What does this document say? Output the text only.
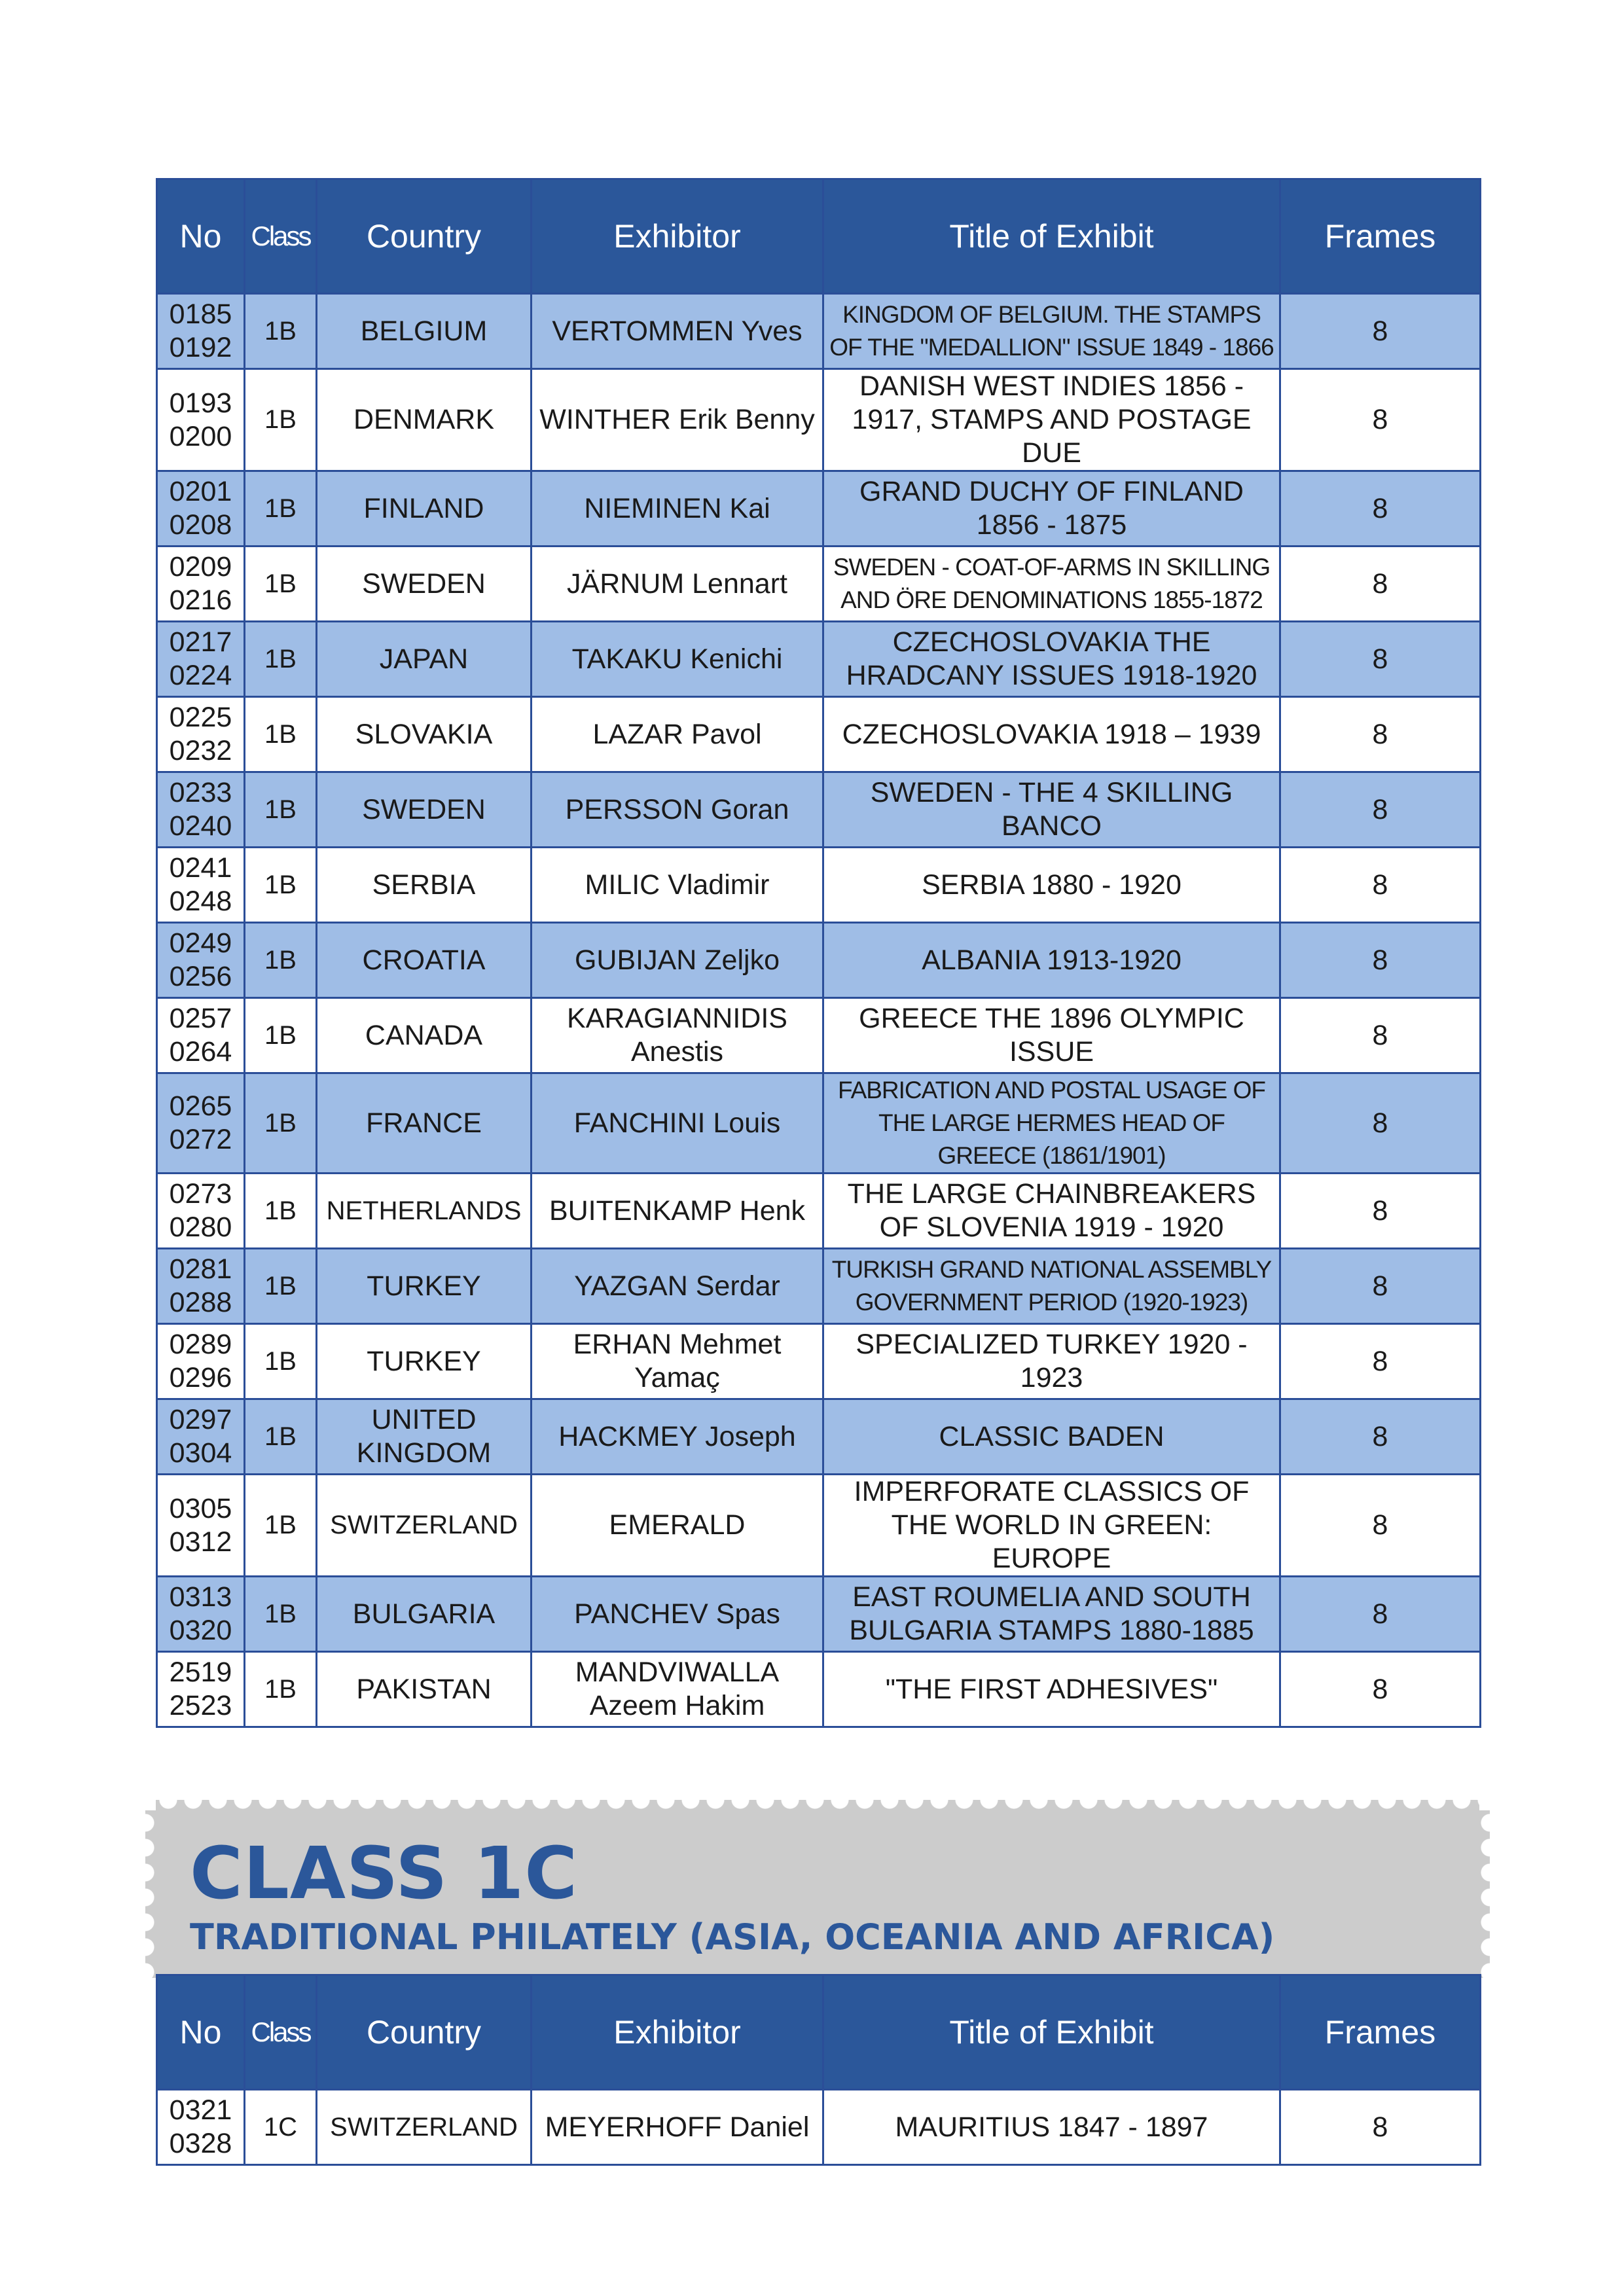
No	Class	Country	Exhibitor	Title of Exhibit	Frames

0185
0192	1B	BELGIUM	VERTOMMEN Yves	KINGDOM OF BELGIUM. THE STAMPS OF THE "MEDALLION" ISSUE 1849 - 1866	8

0193
0200	1B	DENMARK	WINTHER Erik Benny	DANISH WEST INDIES 1856 - 1917, STAMPS AND POSTAGE DUE	8

0201
0208	1B	FINLAND	NIEMINEN Kai	GRAND DUCHY OF FINLAND 1856 - 1875	8

0209
0216	1B	SWEDEN	JÄRNUM Lennart	SWEDEN - COAT-OF-ARMS IN SKILLING AND ÖRE DENOMINATIONS 1855-1872	8

0217
0224	1B	JAPAN	TAKAKU Kenichi	CZECHOSLOVAKIA THE HRADCANY ISSUES 1918-1920	8

0225
0232	1B	SLOVAKIA	LAZAR Pavol	CZECHOSLOVAKIA 1918 – 1939	8

0233
0240	1B	SWEDEN	PERSSON Goran	SWEDEN - THE 4 SKILLING BANCO	8

0241
0248	1B	SERBIA	MILIC Vladimir	SERBIA 1880 - 1920	8

0249
0256	1B	CROATIA	GUBIJAN Zeljko	ALBANIA 1913-1920	8

0257
0264	1B	CANADA	KARAGIANNIDIS Anestis	GREECE THE 1896 OLYMPIC ISSUE	8

0265
0272	1B	FRANCE	FANCHINI Louis	FABRICATION AND POSTAL USAGE OF THE LARGE HERMES HEAD OF GREECE (1861/1901)	8

0273
0280	1B	NETHERLANDS	BUITENKAMP Henk	THE LARGE CHAINBREAKERS OF SLOVENIA 1919 - 1920	8

0281
0288	1B	TURKEY	YAZGAN Serdar	TURKISH GRAND NATIONAL ASSEMBLY GOVERNMENT PERIOD (1920-1923)	8

0289
0296	1B	TURKEY	ERHAN Mehmet Yamaç	SPECIALIZED TURKEY 1920 - 1923	8

0297
0304	1B	UNITED KINGDOM	HACKMEY Joseph	CLASSIC BADEN	8

0305
0312	1B	SWITZERLAND	EMERALD	IMPERFORATE CLASSICS OF THE WORLD IN GREEN: EUROPE	8

0313
0320	1B	BULGARIA	PANCHEV Spas	EAST ROUMELIA AND SOUTH BULGARIA STAMPS 1880-1885	8

2519
2523	1B	PAKISTAN	MANDVIWALLA Azeem Hakim	"THE FIRST ADHESIVES"	8
CLASS 1C
TRADITIONAL PHILATELY (ASIA, OCEANIA AND AFRICA)
No	Class	Country	Exhibitor	Title of Exhibit	Frames

0321
0328	1C	SWITZERLAND	MEYERHOFF Daniel	MAURITIUS 1847 - 1897	8
